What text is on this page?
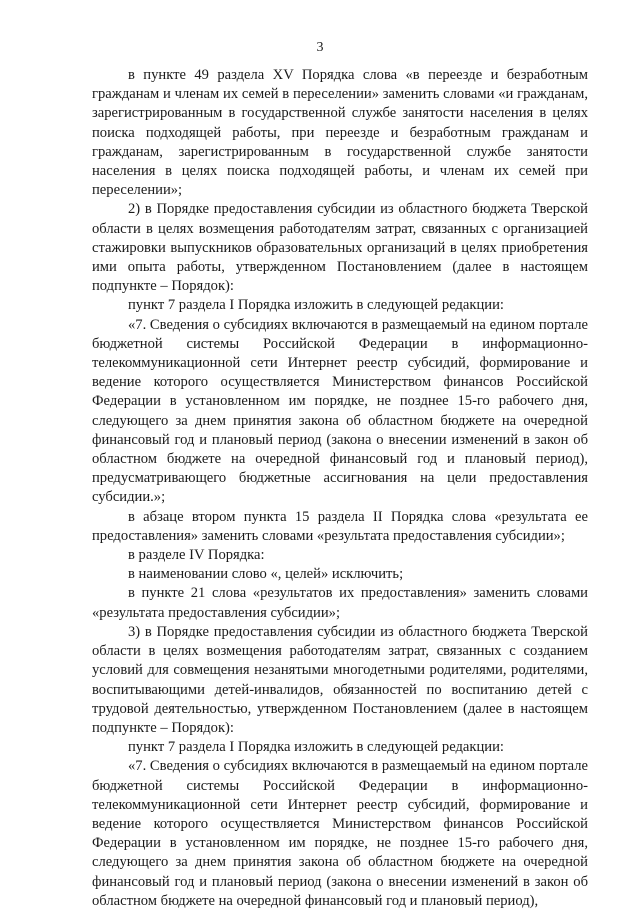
3

в пункте 49 раздела XV Порядка слова «в переезде и безработным гражданам и членам их семей в переселении» заменить словами «и гражданам, зарегистрированным в государственной службе занятости населения в целях поиска подходящей работы, при переезде и безработным гражданам и гражданам, зарегистрированным в государственной службе занятости населения в целях поиска подходящей работы, и членам их семей при переселении»;

2) в Порядке предоставления субсидии из областного бюджета Тверской области в целях возмещения работодателям затрат, связанных с организацией стажировки выпускников образовательных организаций в целях приобретения ими опыта работы, утвержденном Постановлением (далее в настоящем подпункте – Порядок):

пункт 7 раздела I Порядка изложить в следующей редакции:

«7. Сведения о субсидиях включаются в размещаемый на едином портале бюджетной системы Российской Федерации в информационно-телекоммуникационной сети Интернет реестр субсидий, формирование и ведение которого осуществляется Министерством финансов Российской Федерации в установленном им порядке, не позднее 15-го рабочего дня, следующего за днем принятия закона об областном бюджете на очередной финансовый год и плановый период (закона о внесении изменений в закон об областном бюджете на очередной финансовый год и плановый период), предусматривающего бюджетные ассигнования на цели предоставления субсидии.»;

в абзаце втором пункта 15 раздела II Порядка слова «результата ее предоставления» заменить словами «результата предоставления субсидии»;

в разделе IV Порядка:

в наименовании слово «, целей» исключить;

в пункте 21 слова «результатов их предоставления» заменить словами «результата предоставления субсидии»;

3) в Порядке предоставления субсидии из областного бюджета Тверской области в целях возмещения работодателям затрат, связанных с созданием условий для совмещения незанятыми многодетными родителями, родителями, воспитывающими детей-инвалидов, обязанностей по воспитанию детей с трудовой деятельностью, утвержденном Постановлением (далее в настоящем подпункте – Порядок):

пункт 7 раздела I Порядка изложить в следующей редакции:

«7. Сведения о субсидиях включаются в размещаемый на едином портале бюджетной системы Российской Федерации в информационно-телекоммуникационной сети Интернет реестр субсидий, формирование и ведение которого осуществляется Министерством финансов Российской Федерации в установленном им порядке, не позднее 15-го рабочего дня, следующего за днем принятия закона об областном бюджете на очередной финансовый год и плановый период (закона о внесении изменений в закон об областном бюджете на очередной финансовый год и плановый период),
